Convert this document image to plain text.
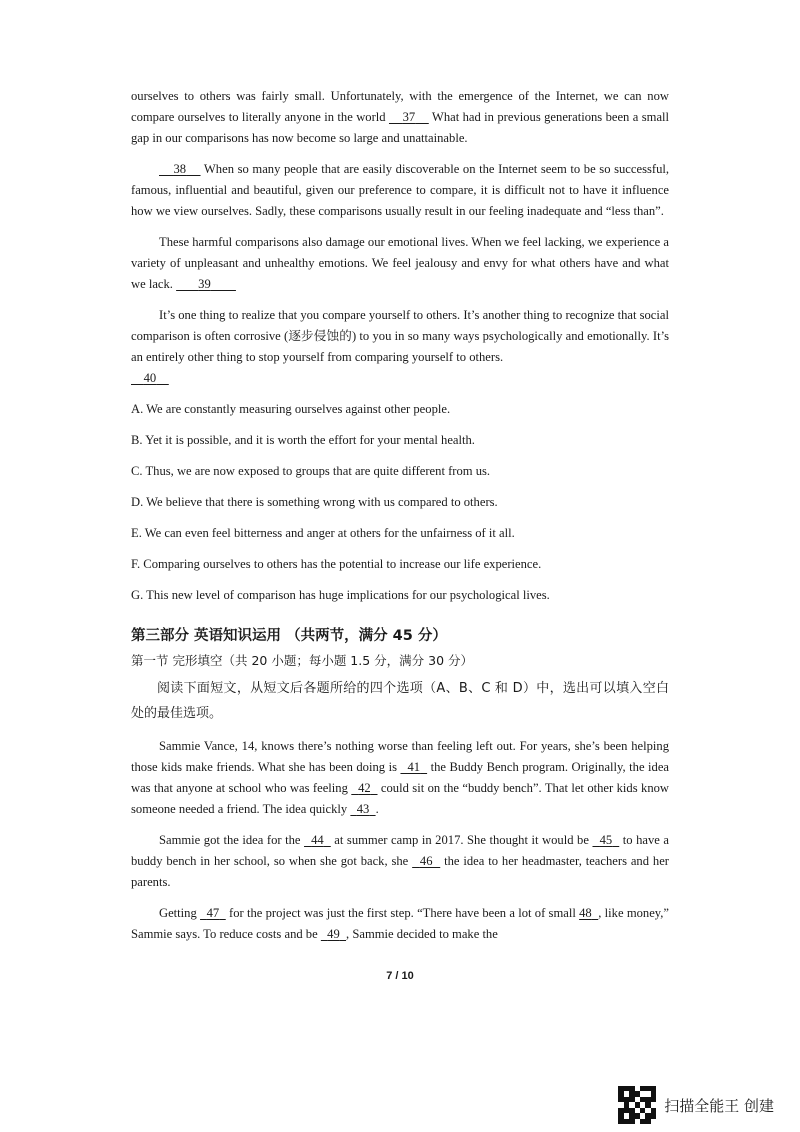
ourselves to others was fairly small. Unfortunately, with the emergence of the Internet, we can now compare ourselves to literally anyone in the world     37     What had in previous generations been a small gap in our comparisons has now become so large and unattainable.

38     When so many people that are easily discoverable on the Internet seem to be so successful, famous, influential and beautiful, given our preference to compare, it is difficult not to have it influence how we view ourselves. Sadly, these comparisons usually result in our feeling inadequate and “less than”.

These harmful comparisons also damage our emotional lives. When we feel lacking, we experience a variety of unpleasant and unhealthy emotions. We feel jealousy and envy for what others have and what we lack.        39

It’s one thing to realize that you compare yourself to others. It’s another thing to recognize that social comparison is often corrosive (逐步侵蚀的) to you in so many ways psychologically and emotionally. It’s an entirely other thing to stop yourself from comparing yourself to others.
40

A. We are constantly measuring ourselves against other people.

B. Yet it is possible, and it is worth the effort for your mental health.

C. Thus, we are now exposed to groups that are quite different from us.

D. We believe that there is something wrong with us compared to others.

E. We can even feel bitterness and anger at others for the unfairness of it all.

F. Comparing ourselves to others has the potential to increase our life experience.

G. This new level of comparison has huge implications for our psychological lives.

第三部分 英语知识运用 （共两节，满分 45 分）
第一节 完形填空（共 20 小题；每小题 1.5 分，满分 30 分）

阅读下面短文，从短文后各题所给的四个选项（A、B、C 和 D）中，选出可以填入空白处的最佳选项。

Sammie Vance, 14, knows there’s nothing worse than feeling left out. For years, she’s been helping those kids make friends. What she has been doing is   41   the Buddy Bench program. Originally, the idea was that anyone at school who was feeling   42   could sit on the “buddy bench”. That let other kids know someone needed a friend. The idea quickly   43 .

Sammie got the idea for the   44   at summer camp in 2017. She thought it would be   45   to have a buddy bench in her school, so when she got back, she   46   the idea to her headmaster, teachers and her parents.

Getting   47   for the project was just the first step. “There have been a lot of small 48 , like money,” Sammie says. To reduce costs and be   49 , Sammie decided to make the

7 / 10
扫描全能王 创建
